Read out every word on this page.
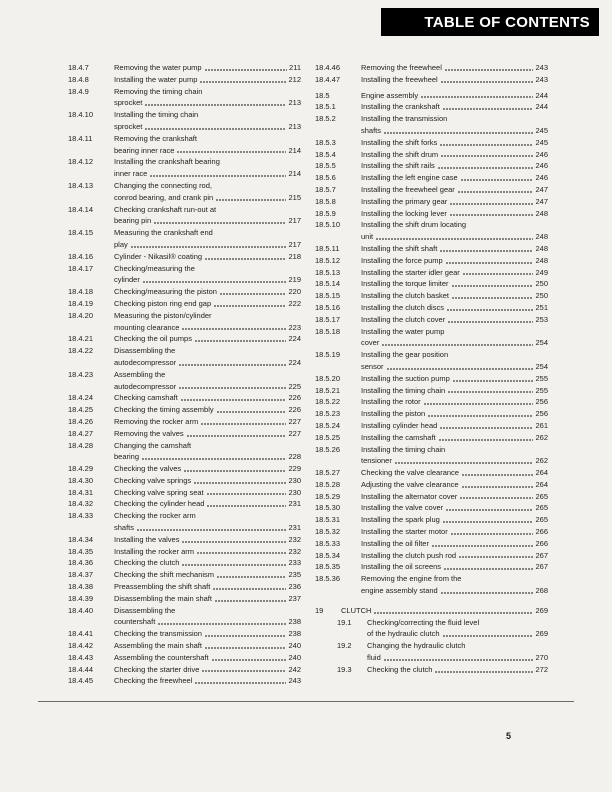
TABLE OF CONTENTS
18.4.7	Removing the water pump	211
18.4.8	Installing the water pump	212
18.4.9	Removing the timing chain
sprocket	213
18.4.10	Installing the timing chain
sprocket	213
18.4.11	Removing the crankshaft
bearing inner race	214
18.4.12	Installing the crankshaft bearing
inner race	214
18.4.13	Changing the connecting rod,
conrod bearing, and crank pin	215
18.4.14	Checking crankshaft run-out at
bearing pin	217
18.4.15	Measuring the crankshaft end
play	217
18.4.16	Cylinder - Nikasil® coating	218
18.4.17	Checking/measuring the
cylinder	219
18.4.18	Checking/measuring the piston	220
18.4.19	Checking piston ring end gap	222
18.4.20	Measuring the piston/cylinder
mounting clearance	223
18.4.21	Checking the oil pumps	224
18.4.22	Disassembling the
autodecompressor	224
18.4.23	Assembling the
autodecompressor	225
18.4.24	Checking camshaft	226
18.4.25	Checking the timing assembly	226
18.4.26	Removing the rocker arm	227
18.4.27	Removing the valves	227
18.4.28	Changing the camshaft
bearing	228
18.4.29	Checking the valves	229
18.4.30	Checking valve springs	230
18.4.31	Checking valve spring seat	230
18.4.32	Checking the cylinder head	231
18.4.33	Checking the rocker arm
shafts	231
18.4.34	Installing the valves	232
18.4.35	Installing the rocker arm	232
18.4.36	Checking the clutch	233
18.4.37	Checking the shift mechanism	235
18.4.38	Preassembling the shift shaft	236
18.4.39	Disassembling the main shaft	237
18.4.40	Disassembling the
countershaft	238
18.4.41	Checking the transmission	238
18.4.42	Assembling the main shaft	240
18.4.43	Assembling the countershaft	240
18.4.44	Checking the starter drive	242
18.4.45	Checking the freewheel	243
18.4.46	Removing the freewheel	243
18.4.47	Installing the freewheel	243
18.5	Engine assembly	244
18.5.1	Installing the crankshaft	244
18.5.2	Installing the transmission
shafts	245
18.5.3	Installing the shift forks	245
18.5.4	Installing the shift drum	246
18.5.5	Installing the shift rails	246
18.5.6	Installing the left engine case	246
18.5.7	Installing the freewheel gear	247
18.5.8	Installing the primary gear	247
18.5.9	Installing the locking lever	248
18.5.10	Installing the shift drum locating
unit	248
18.5.11	Installing the shift shaft	248
18.5.12	Installing the force pump	248
18.5.13	Installing the starter idler gear	249
18.5.14	Installing the torque limiter	250
18.5.15	Installing the clutch basket	250
18.5.16	Installing the clutch discs	251
18.5.17	Installing the clutch cover	253
18.5.18	Installing the water pump
cover	254
18.5.19	Installing the gear position
sensor	254
18.5.20	Installing the suction pump	255
18.5.21	Installing the timing chain	255
18.5.22	Installing the rotor	256
18.5.23	Installing the piston	256
18.5.24	Installing cylinder head	261
18.5.25	Installing the camshaft	262
18.5.26	Installing the timing chain
tensioner	262
18.5.27	Checking the valve clearance	264
18.5.28	Adjusting the valve clearance	264
18.5.29	Installing the alternator cover	265
18.5.30	Installing the valve cover	265
18.5.31	Installing the spark plug	265
18.5.32	Installing the starter motor	266
18.5.33	Installing the oil filter	266
18.5.34	Installing the clutch push rod	267
18.5.35	Installing the oil screens	267
18.5.36	Removing the engine from the
engine assembly stand	268
19	CLUTCH	269
19.1	Checking/correcting the fluid level
of the hydraulic clutch	269
19.2	Changing the hydraulic clutch
fluid	270
19.3	Checking the clutch	272
5
